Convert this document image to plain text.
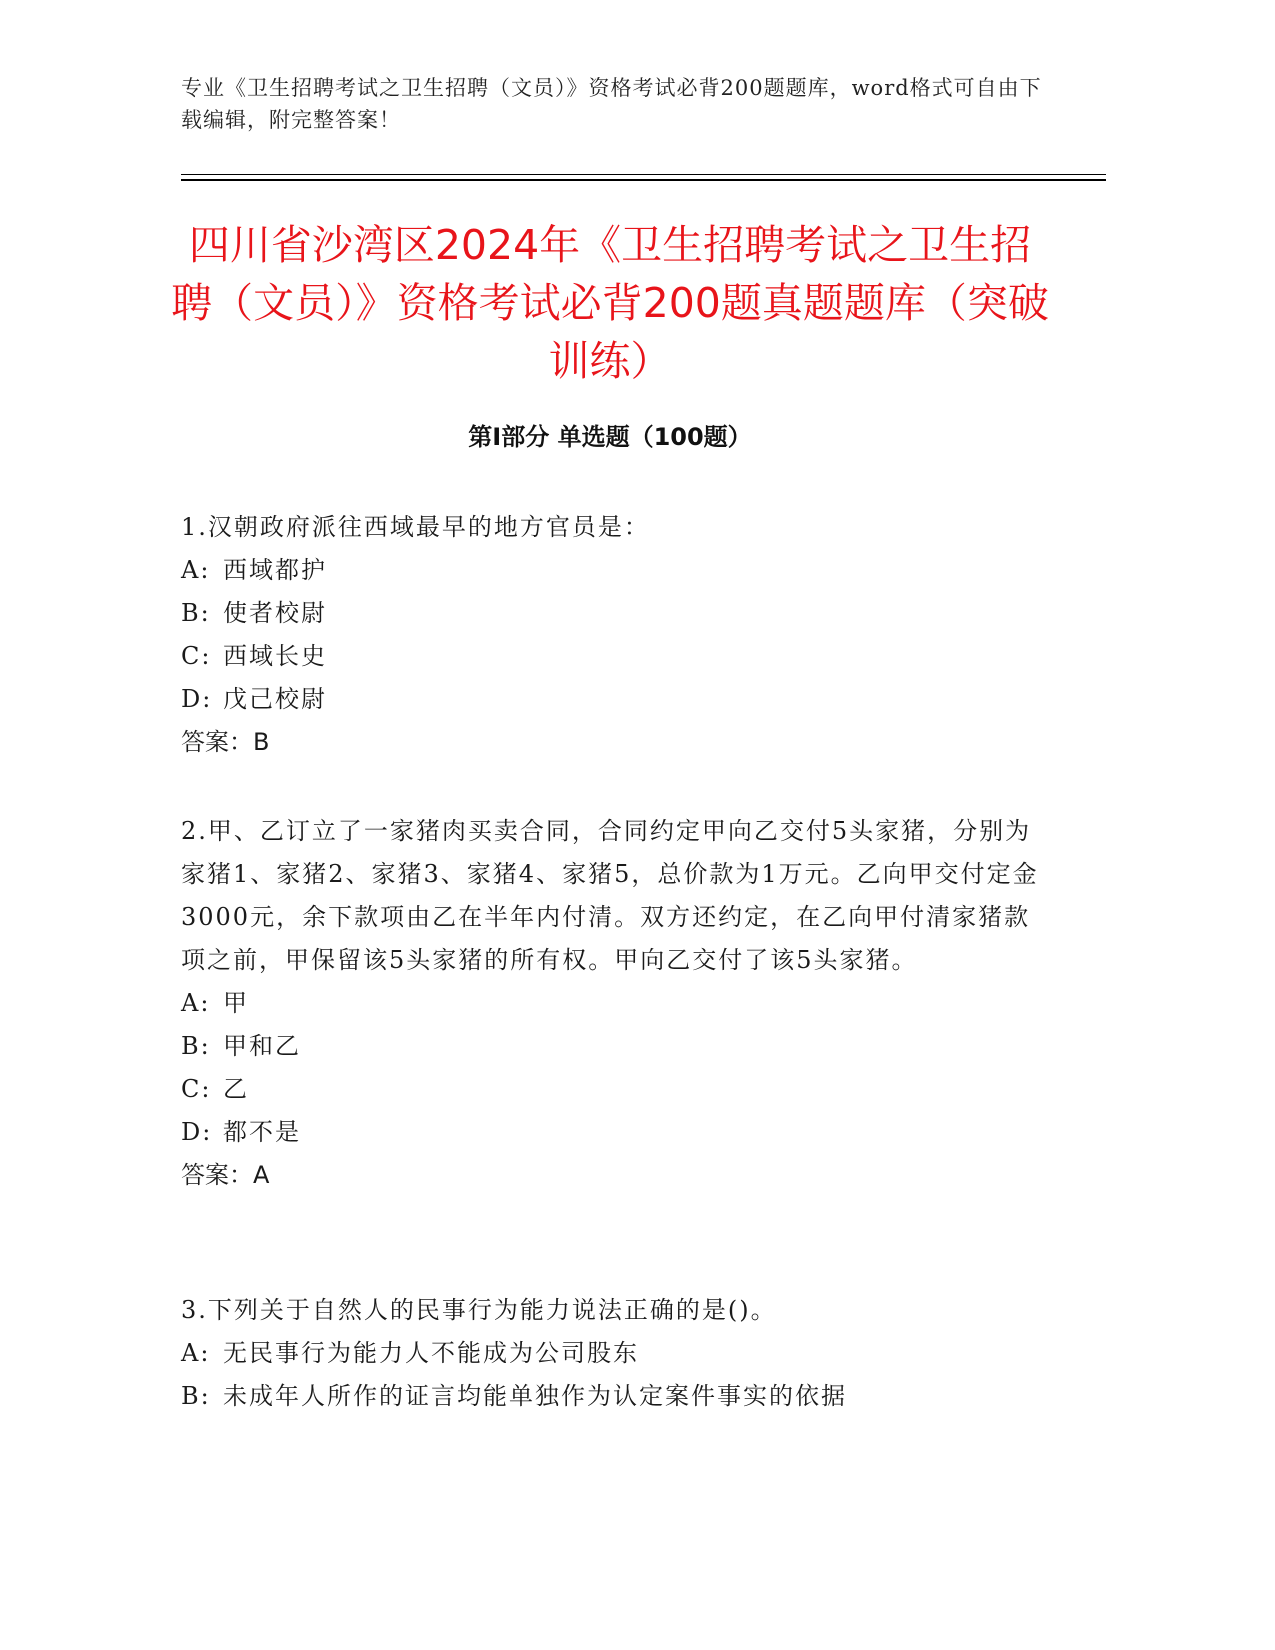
专业《卫生招聘考试之卫生招聘（文员）》资格考试必背200题题库，word格式可自由下载编辑，附完整答案！
四川省沙湾区2024年《卫生招聘考试之卫生招聘（文员）》资格考试必背200题真题题库（突破训练）
第I部分 单选题（100题）

1.汉朝政府派往西域最早的地方官员是：

A: 西域都护
B: 使者校尉
C: 西域长史
D: 戊己校尉

答案：B

2.甲、乙订立了一家猪肉买卖合同，合同约定甲向乙交付5头家猪，分别为家猪1、家猪2、家猪3、家猪4、家猪5，总价款为1万元。乙向甲交付定金3000元，余下款项由乙在半年内付清。双方还约定，在乙向甲付清家猪款项之前，甲保留该5头家猪的所有权。甲向乙交付了该5头家猪。

A: 甲
B: 甲和乙
C: 乙
D: 都不是

答案：A

3.下列关于自然人的民事行为能力说法正确的是()。

A: 无民事行为能力人不能成为公司股东
B: 未成年人所作的证言均能单独作为认定案件事实的依据
